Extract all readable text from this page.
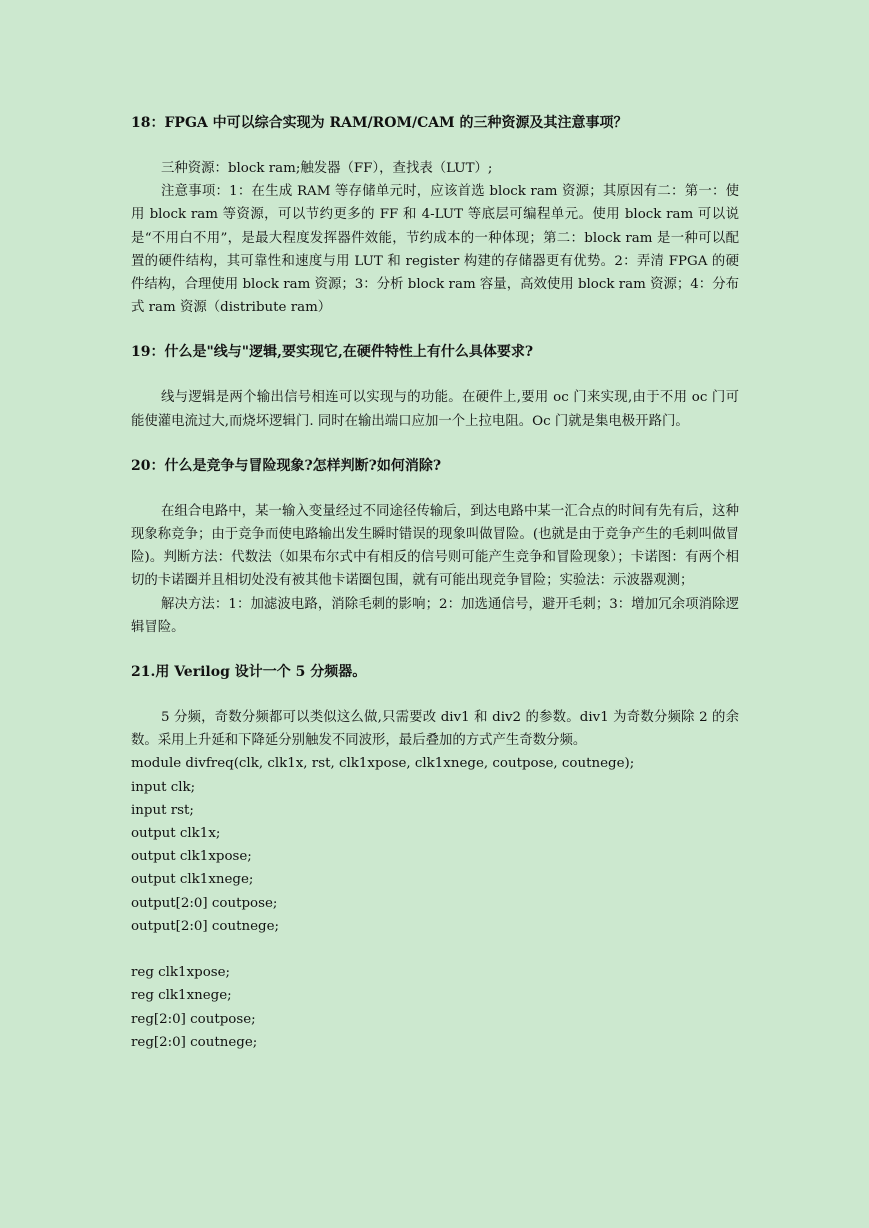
18：FPGA 中可以综合实现为 RAM/ROM/CAM 的三种资源及其注意事项？

三种资源：block ram;触发器（FF），查找表（LUT）;

注意事项：1：在生成 RAM 等存储单元时，应该首选 block ram 资源；其原因有二：第一：使用 block ram 等资源，可以节约更多的 FF 和 4-LUT 等底层可编程单元。使用 block ram 可以说是“不用白不用”，是最大程度发挥器件效能，节约成本的一种体现；第二：block ram 是一种可以配置的硬件结构，其可靠性和速度与用 LUT 和 register 构建的存储器更有优势。2：弄清 FPGA 的硬件结构，合理使用 block ram 资源；3：分析 block ram 容量，高效使用 block ram 资源；4：分布式 ram 资源（distribute ram）

19：什么是"线与"逻辑,要实现它,在硬件特性上有什么具体要求?

线与逻辑是两个输出信号相连可以实现与的功能。在硬件上,要用 oc 门来实现,由于不用 oc 门可能使灌电流过大,而烧坏逻辑门. 同时在输出端口应加一个上拉电阻。Oc 门就是集电极开路门。

20：什么是竞争与冒险现象?怎样判断?如何消除?

在组合电路中，某一输入变量经过不同途径传输后，到达电路中某一汇合点的时间有先有后，这种现象称竞争；由于竞争而使电路输出发生瞬时错误的现象叫做冒险。(也就是由于竞争产生的毛刺叫做冒险)。判断方法：代数法（如果布尔式中有相反的信号则可能产生竞争和冒险现象）；卡诺图：有两个相切的卡诺圈并且相切处没有被其他卡诺圈包围，就有可能出现竞争冒险；实验法：示波器观测；

解决方法：1：加滤波电路，消除毛刺的影响；2：加选通信号，避开毛刺；3：增加冗余项消除逻辑冒险。

21.用 Verilog 设计一个 5 分频器。

5 分频，奇数分频都可以类似这么做,只需要改 div1 和 div2 的参数。div1 为奇数分频除 2 的余数。采用上升延和下降延分别触发不同波形，最后叠加的方式产生奇数分频。

module divfreq(clk, clk1x, rst, clk1xpose, clk1xnege, coutpose, coutnege);

input clk;

input rst;

output clk1x;

output clk1xpose;

output clk1xnege;

output[2:0] coutpose;

output[2:0] coutnege;

reg clk1xpose;

reg clk1xnege;

reg[2:0] coutpose;

reg[2:0] coutnege;
